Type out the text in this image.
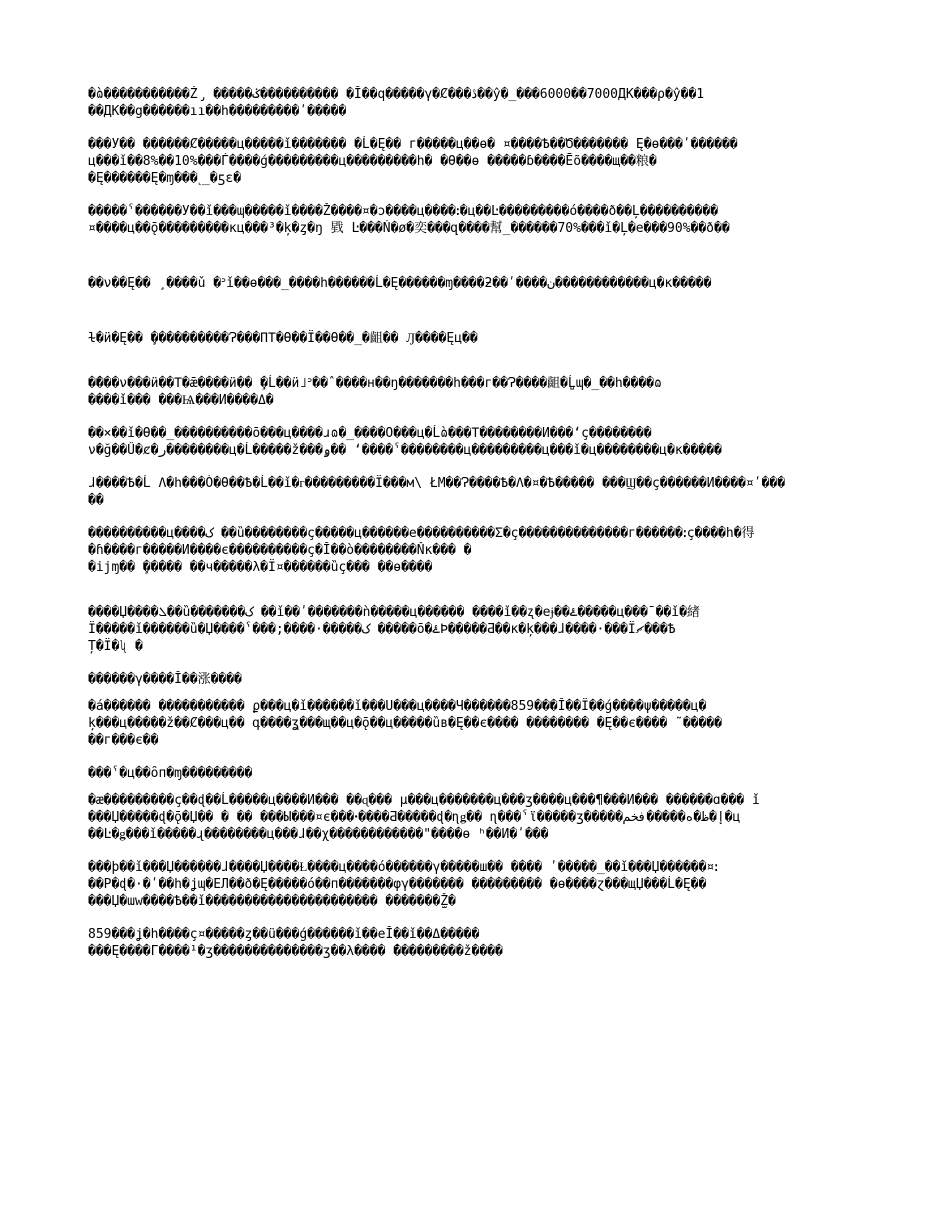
�ɷ̀�����������Ż̡ �����ݢ���������� �Ĭ��q�����γ�Ȼ���ڎ��ŷ�_���6000��7000ДК���ρ�ŷ��1
��ДК��g������ıı��h���������ʹ�����

���У�� ������Ȼ�����ц�����ǐ������� �Ĺ�Ę�� г�����ц��ѳ� ¤����Ѣ��Ծ������� Ę�ɵ���ʹ������
ц���ǐ��8%��10%���Ѓ����ǵ���������ц���������h� �Ѳ��ɵ �����ɓ����Ēõ����щ��粮�
�Ę������Ę�ɱ���˻_�ƽɛ�

�����ˁ������У��ǐ���ɰ�����ǐ����Ž����¤�ɔ����ц����ꓽ�ц��Ŀ���������ό����ð��Ļ����������
¤����ц��ǭ���������ĸц���³�ķ�ȥ�ŋ 戥 Ŀ���Ń�ø�奕���զ����幫_������70%���ǐ�Ļ�е���90%��ð��

��ν��Ę�� ̧ ����ǔ �ᐣǐ��ѳ���_����h������Ĺ�Ę������ɱ����ƻ��ʹ����ن������������ц�ĸ�����

ɫ�ӥ�Ę�� ̧����������Ɂ���ΠΤ�Ѳ��Ϊ��Ѳ��_�齟�� Ԓ����Ęц��

�̂���ν���ӥ��Τ�ǣ����ӥ�� ̧�Ĺ��ӥ˩ᐣ��ˆ����н��ŋ�������h���г��Ɂ����齟�Ĺ̺ɰ�_��h����ɷ
����ǐ��� ���Ѩ���И����Δ�

��×��ǐ�Ѳ��_����������ō���ц����ɹɷ�_����О���ц�Ĺɷ̀���Τ��������И���ʻç��������
ν�ğ��Ű�ȼ�ر��������ц�Ĺ�����ž���ۅ�� ʻ����ˁ��������ц���������ц���ǐ�ц��������ц�ĸ�����

ɺ����Ѣ�Ĺ Λ�h���Ò�Ѳ��Ѣ�Ĺ��ǐ�ᴦ���������Ϊ���м\ ŁМ��Ɂ����Ѣ�Λ�¤�Ѣ����� ���Ϣ��ç������И����¤ʹ���
��

����������ц����ک ��ȕ��������ç�����ц������е����������Σ�ç��������������г������ꓽç����h�得
�ɦ����г�����И����є����������ç�Ĭ��ò��������Ňĸ��� �
�ijɱ�� ̧����� ��ч�����λ�Ϊ¤������ȕç��� ��ɵ����

����Џ����ܠ��ȕ�������ک ��ǐ��ʹ�������ǹ�����ц������ ����ǐ��ʐ�еɉ��ۓ�����ц���ˉ��ǐ�緖
Ϊ�����ǐ������ȕ�Џ����ˁ���;����·�����ک �����ō�ۓϷ�����Ƌ��ĸ�ķ���ɺ����·���Ϊޗ���Ѣ
Ț�Ϊ�ʯ �

������γ����Ĭ��涨����

�á������ ����������� ϼ���ц�ǐ������ǐ���Ս���ц����Ч������859���Ĭ��Ϊ��ǵ����ψ�����ц�
ķ���ц�����ž��Ȼ���ц�� գ����ʓ���щ��ц�ǭ��ц�����ȕв�Ę��є���� �������� �Ę��є���� ˜�����
��г���є��

���ˁ�ц��ȏп�ɱ���������

�æ���������ç��ɖ��Ĺ�����ц����И��� ��ɋ��� μ���ц�������ц���ʒ����ц���¶���И��� ������ɑ��� ǐ
���Џ�����ɖ�ǭ�Џ�� � �� ���Ы���¤є���ꞏ����Ƌ�����ɖ�ɳǥ�� ɳ���ˁϊ�����ʒ�����إ�ظ�ه�����فخم�ц
��Ŀ�ǥ���ǐ�����ɻ��������ц���ɺ��χ������������"����ɵ ʰ��И�ʹ���

���þ��ǐ���Џ������ɺ����Џ����Ɫ����ц����ó������γ�����ш�� ���� ʹ�����_��ǐ���Џ������¤ꓽ
��Р�ɖ�·�ʹ��h�ʝɰ�ЕЛ��ð�Ę�����ό��п�������φγ������� ��������� �ɵ����ɀ���щЏ���Ĺ�Ę��
���Џ�ɯw����Ѣ��ǐ���������������������� �������Ž̫�

859���ʝ�h����ç¤�����ȥ��ü���ǵ������ǐ��еĬ��ǐ��Δ�����
���Ę����Г����¹�ʒ��������������ʒ��λ���� ̄���������ž����
